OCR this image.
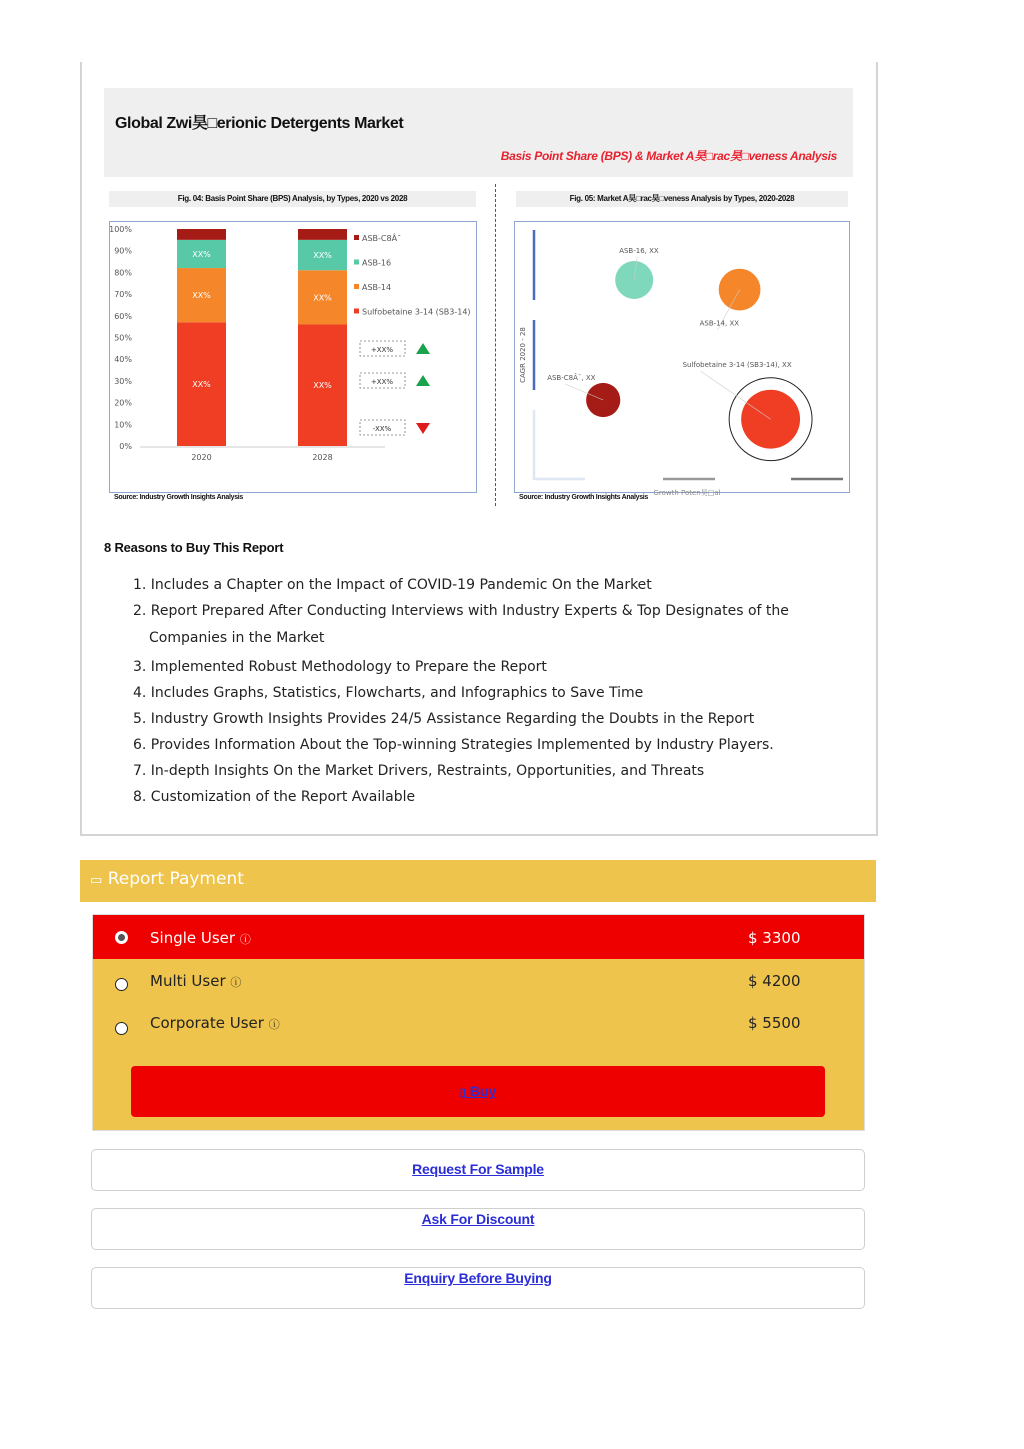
Global Zwi昊□erionic Detergents Market
Basis Point Share (BPS) & Market A昊□rac昊□veness Analysis
Fig. 04: Basis Point Share (BPS) Analysis, by Types, 2020 vs 2028	Fig. 05: Market A昊□rac昊□veness Analysis by Types, 2020-2028
100%
90%
80%
70%
60%
50%
40%
30%
20%
10%
0%
XX%
XX%
XX%
2020
XX%
XX%
XX%
2028
ASB-C8Â¯
ASB-16
ASB-14
Sulfobetaine 3-14 (SB3-14)
+XX%
+XX%
-XX%
CAGR 2020 - 28
Growth Poten昊□al
ASB-16, XX
ASB-14, XX
ASB-C8Â¯, XX
Sulfobetaine 3-14 (SB3-14), XX
Source: Industry Growth Insights Analysis	Source: Industry Growth Insights Analysis
8 Reasons to Buy This Report
1. Includes a Chapter on the Impact of COVID-19 Pandemic On the Market
2. Report Prepared After Conducting Interviews with Industry Experts & Top Designates of the Companies in the Market
3. Implemented Robust Methodology to Prepare the Report
4. Includes Graphs, Statistics, Flowcharts, and Infographics to Save Time
5. Industry Growth Insights Provides 24/5 Assistance Regarding the Doubts in the Report
6. Provides Information About the Top-winning Strategies Implemented by Industry Players.
7. In-depth Insights On the Market Drivers, Restraints, Opportunities, and Threats
8. Customization of the Report Available
▭ Report Payment
Single User ⓘ	$ 3300
Multi User ⓘ	$ 4200
Corporate User ⓘ	$ 5500
▯ Buy
Request For Sample
Ask For Discount
Enquiry Before Buying
